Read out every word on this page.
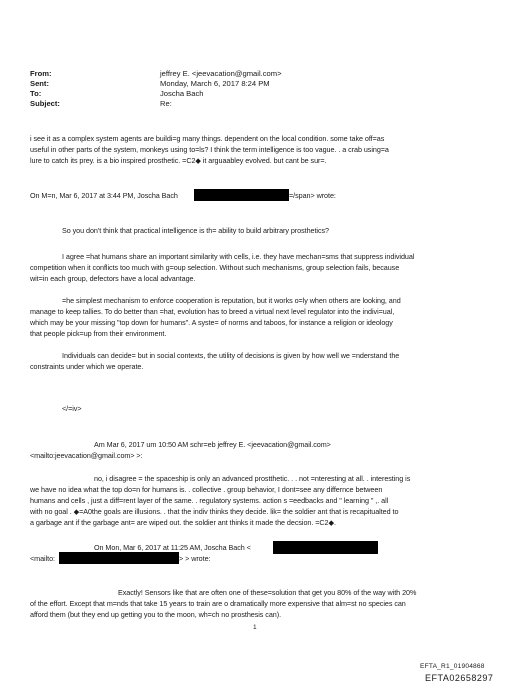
From:	jeffrey E. <jeevacation@gmail.com>
Sent:	Monday, March 6, 2017 8:24 PM
To:	Joscha Bach
Subject:	Re:
i see it as a complex system agents are buildi=g many things. dependent on the local condition. some take off=as
useful in other parts of the system, monkeys using to=ls? I think the term intelligence is too vague. . a crab using=a
lure to catch its prey. is a bio inspired prosthetic. =C2◆ it arguaabley evolved. but cant be sur=.
On M=n, Mar 6, 2017 at 3:44 PM, Joscha Bach	=/span> wrote:
So you don't think that practical intelligence is th= ability to build arbitrary prosthetics?
I agree =hat humans share an important similarity with cells, i.e. they have mechan=sms that suppress individual
competition when it conflicts too much with g=oup selection. Without such mechanisms, group selection fails, because
wit=in each group, defectors have a local advantage.
=he simplest mechanism to enforce cooperation is reputation, but it works o=ly when others are looking, and
manage to keep tallies. To do better than =hat, evolution has to breed a virtual next level regulator into the indivi=ual,
which may be your missing "top down for humans". A syste= of norms and taboos, for instance a religion or ideology
that people pick=up from their environment.
Individuals can decide= but in social contexts, the utility of decisions is given by how well we =nderstand the
constraints under which we operate.
</=iv>
Am Mar 6, 2017 um 10:50 AM schr=eb jeffrey E. <jeevacation@gmail.com>
<mailto:jeevacation@gmail.com> >:
no, i disagree = the spaceship is only an advanced prostthetic. . . not =nteresting at all. . interesting is
we have no idea what the top do=n for humans is. . collective . group behavior, I dont=see any differnce between
humans and cells , just a diff=rent layer of the same. . regulatory systems. action s =eedbacks and " learning " ,. all
with no goal . ◆=A0the goals are illusions. . that the indiv thinks they decide. lik= the soldier ant that is recapitualted to
a garbage ant if the garbage ant= are wiped out. the soldier ant thinks it made the decsion. =C2◆.
On Mon, Mar 6, 2017 at 11:25 AM, Joscha Bach <
<mailto:	> > wrote:
Exactly! Sensors like that are often one of these=solution that get you 80% of the way with 20%
of the effort. Except that m=nds that take 15 years to train are o dramatically more expensive that alm=st no species can
afford them (but they end up getting you to the moon, wh=ch no prosthesis can).
1
EFTA_R1_01904868
EFTA02658297
